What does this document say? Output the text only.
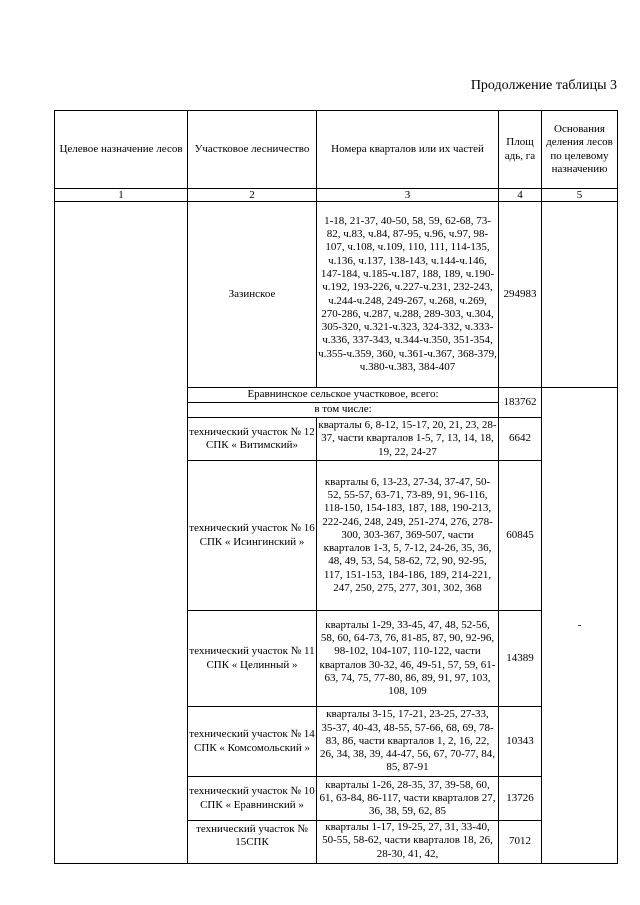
Продолжение таблицы 3
Целевое назначение лесов	Участковое лесничество	Номера кварталов или их частей	Площ адь, га	Основания деления лесов по целевому назначению
1	2	3	4	5
	Зазинское	1-18, 21-37, 40-50, 58, 59, 62-68, 73-82, ч.83, ч.84, 87-95, ч.96, ч.97, 98-107, ч.108, ч.109, 110, 111, 114-135, ч.136, ч.137, 138-143, ч.144-ч.146, 147-184, ч.185-ч.187, 188, 189, ч.190-ч.192, 193-226, ч.227-ч.231, 232-243, ч.244-ч.248, 249-267, ч.268, ч.269, 270-286, ч.287, ч.288, 289-303, ч.304, 305-320, ч.321-ч.323, 324-332, ч.333-ч.336, 337-343, ч.344-ч.350, 351-354, ч.355-ч.359, 360, ч.361-ч.367, 368-379, ч.380-ч.383, 384-407	294983	
	Еравнинское сельское участковое, всего:		183762	-
	в том числе:			
	технический участок № 12 СПК « Витимский»	кварталы 6, 8-12, 15-17, 20, 21, 23, 28-37, части кварталов 1-5, 7, 13, 14, 18, 19, 22, 24-27	6642	
	технический участок № 16 СПК « Исингинский »	кварталы 6, 13-23, 27-34, 37-47, 50-52, 55-57, 63-71, 73-89, 91, 96-116, 118-150, 154-183, 187, 188, 190-213, 222-246, 248, 249, 251-274, 276, 278-300, 303-367, 369-507, части кварталов 1-3, 5, 7-12, 24-26, 35, 36, 48, 49, 53, 54, 58-62, 72, 90, 92-95, 117, 151-153, 184-186, 189, 214-221, 247, 250, 275, 277, 301, 302, 368	60845	
	технический участок № 11 СПК « Целинный »	кварталы 1-29, 33-45, 47, 48, 52-56, 58, 60, 64-73, 76, 81-85, 87, 90, 92-96, 98-102, 104-107, 110-122, части кварталов 30-32, 46, 49-51, 57, 59, 61-63, 74, 75, 77-80, 86, 89, 91, 97, 103, 108, 109	14389	
	технический участок № 14 СПК « Комсомольский »	кварталы 3-15, 17-21, 23-25, 27-33, 35-37, 40-43, 48-55, 57-66, 68, 69, 78-83, 86, части кварталов 1, 2, 16, 22, 26, 34, 38, 39, 44-47, 56, 67, 70-77, 84, 85, 87-91	10343	
	технический участок № 10 СПК « Еравнинский »	кварталы 1-26, 28-35, 37, 39-58, 60, 61, 63-84, 86-117, части кварталов 27, 36, 38, 59, 62, 85	13726	
	технический участок № 15СПК	кварталы 1-17, 19-25, 27, 31, 33-40, 50-55, 58-62, части кварталов 18, 26, 28-30, 41, 42,	7012	
